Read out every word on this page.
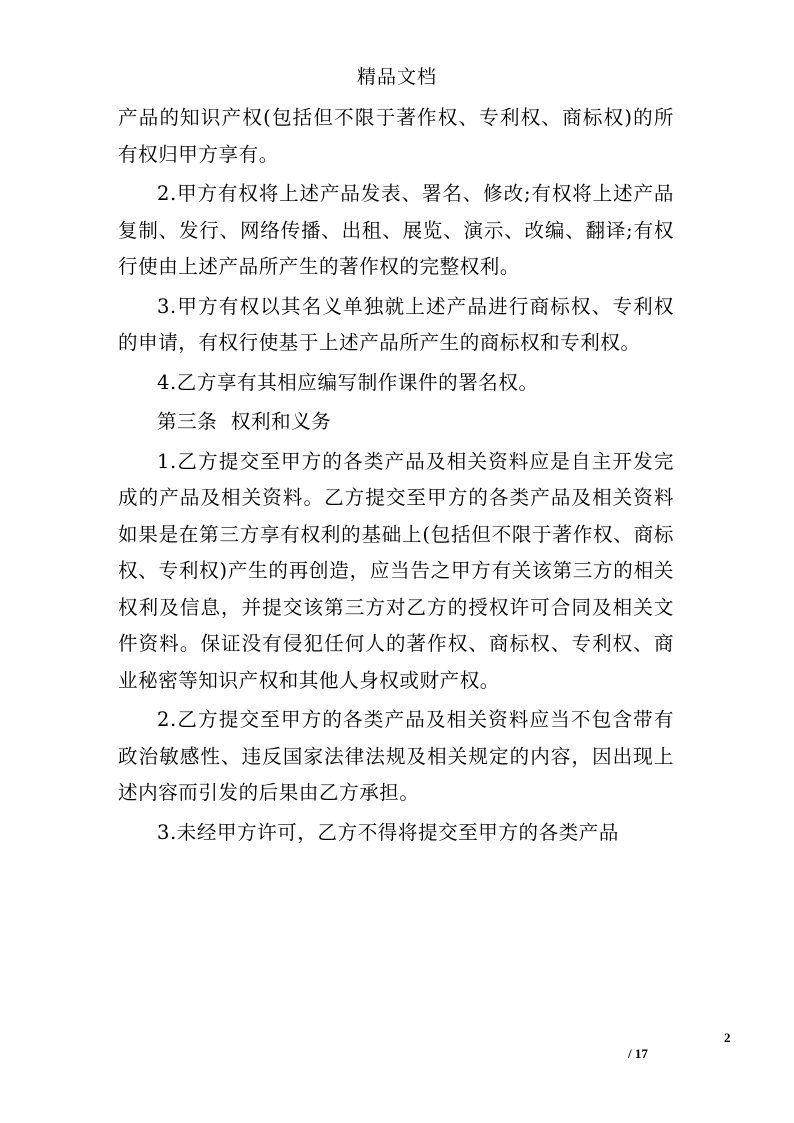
精品文档

产品的知识产权(包括但不限于著作权、专利权、商标权)的所有权归甲方享有。

2.甲方有权将上述产品发表、署名、修改;有权将上述产品复制、发行、网络传播、出租、展览、演示、改编、翻译;有权行使由上述产品所产生的著作权的完整权利。

3.甲方有权以其名义单独就上述产品进行商标权、专利权的申请，有权行使基于上述产品所产生的商标权和专利权。

4.乙方享有其相应编写制作课件的署名权。

第三条  权利和义务

1.乙方提交至甲方的各类产品及相关资料应是自主开发完成的产品及相关资料。乙方提交至甲方的各类产品及相关资料如果是在第三方享有权利的基础上(包括但不限于著作权、商标权、专利权)产生的再创造，应当告之甲方有关该第三方的相关权利及信息，并提交该第三方对乙方的授权许可合同及相关文件资料。保证没有侵犯任何人的著作权、商标权、专利权、商业秘密等知识产权和其他人身权或财产权。

2.乙方提交至甲方的各类产品及相关资料应当不包含带有政治敏感性、违反国家法律法规及相关规定的内容，因出现上述内容而引发的后果由乙方承担。

3.未经甲方许可，乙方不得将提交至甲方的各类产品

2
/ 17
